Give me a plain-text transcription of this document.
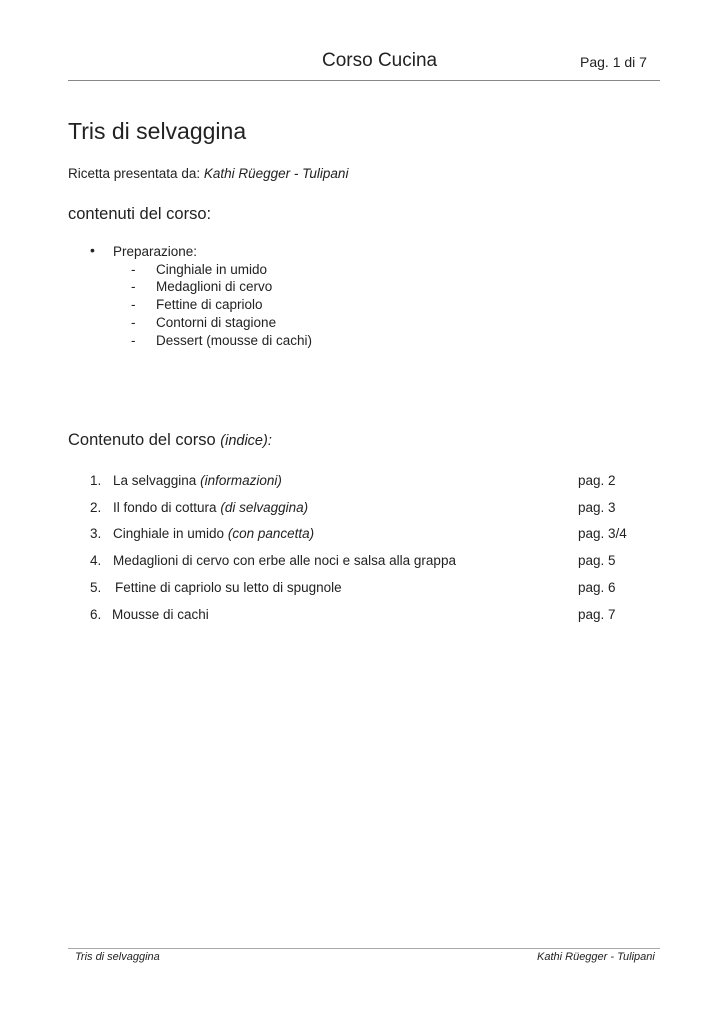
Corso Cucina	Pag. 1 di 7
Tris di selvaggina
Ricetta presentata da: Kathi Rüegger - Tulipani
contenuti del corso:
• Preparazione:
- Cinghiale in umido
- Medaglioni di cervo
- Fettine di capriolo
- Contorni di stagione
- Dessert (mousse di cachi)
Contenuto del corso (indice):
1. La selvaggina (informazioni)	pag. 2
2. Il fondo di cottura (di selvaggina)	pag. 3
3. Cinghiale in umido (con pancetta)	pag. 3/4
4. Medaglioni di cervo con erbe alle noci e salsa alla grappa	pag. 5
5. Fettine di capriolo su letto di spugnole	pag. 6
6. Mousse di cachi	pag. 7
Tris di selvaggina	Kathi Rüegger - Tulipani
